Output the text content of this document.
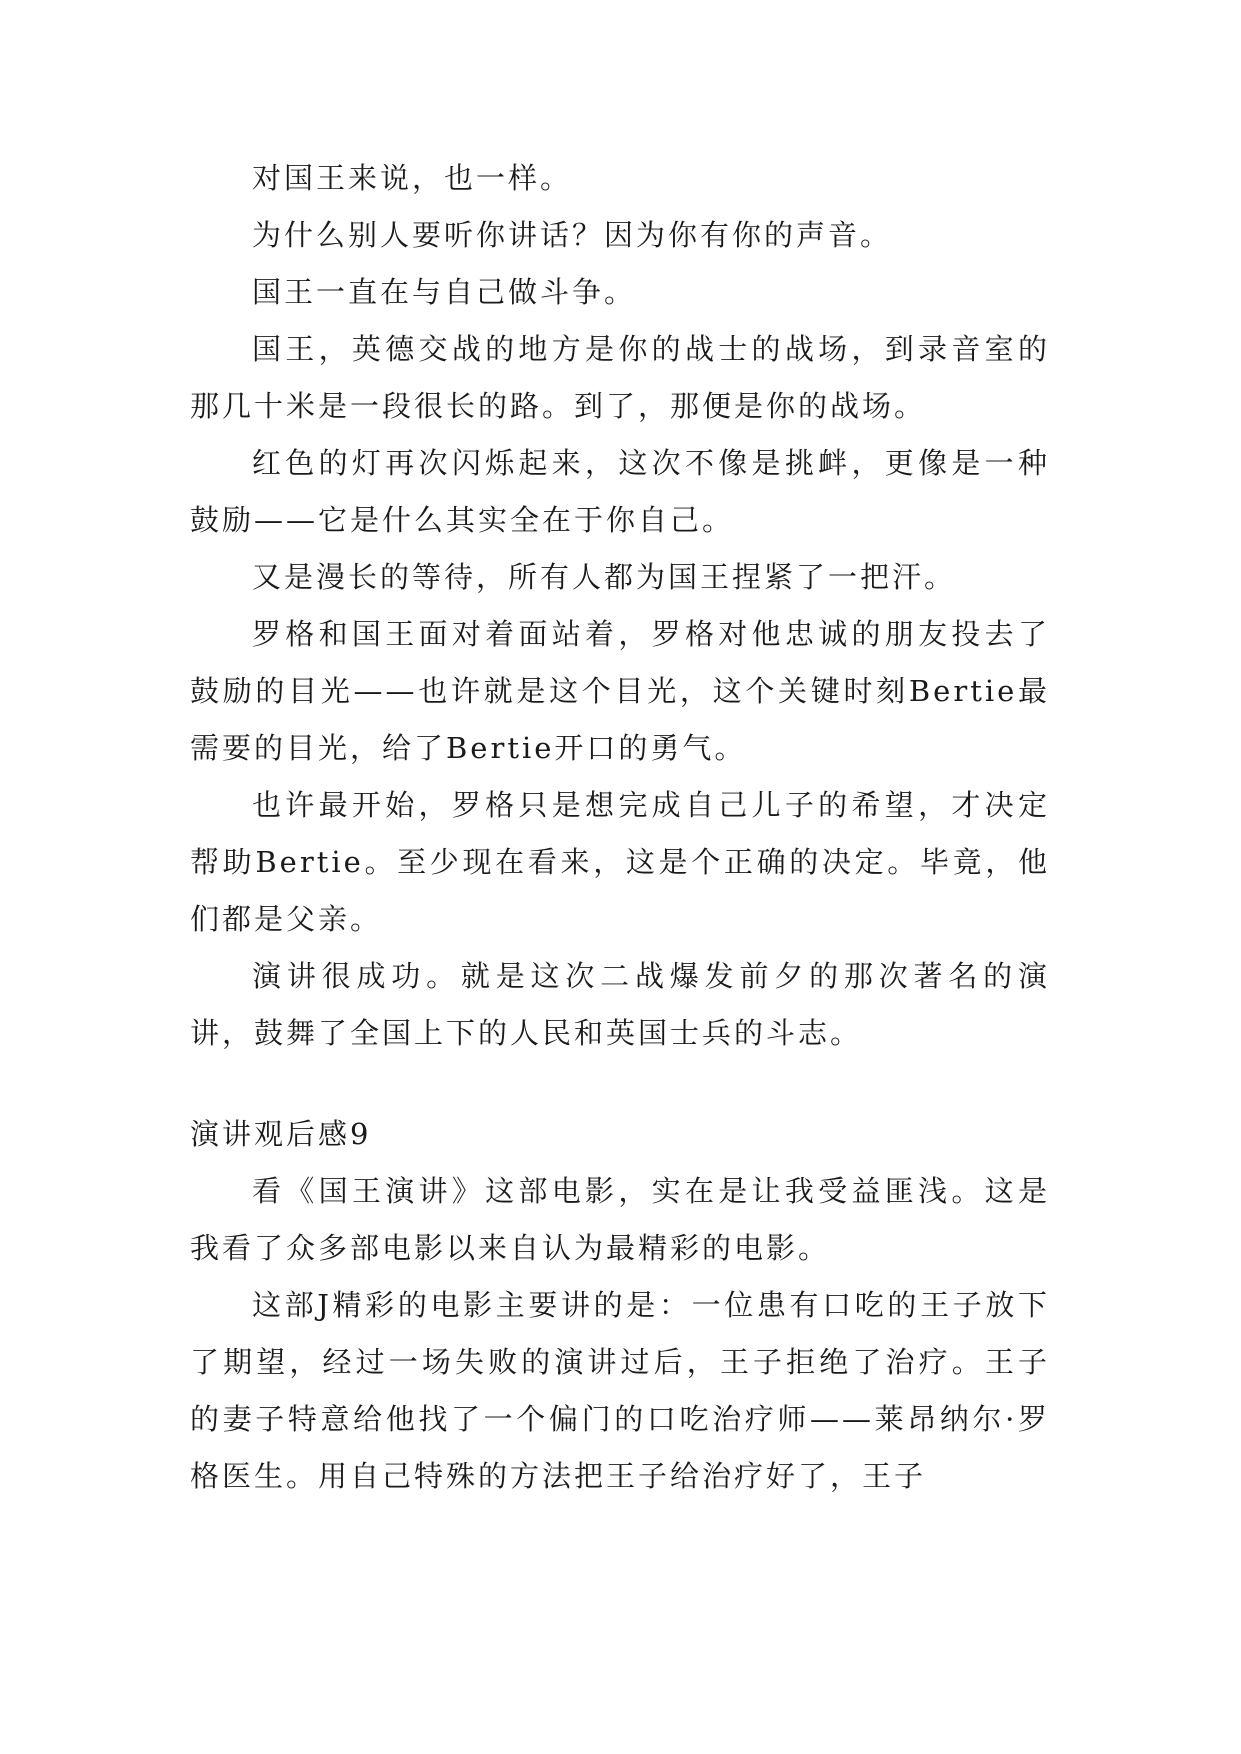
对国王来说，也一样。

为什么别人要听你讲话？因为你有你的声音。

国王一直在与自己做斗争。

国王，英德交战的地方是你的战士的战场，到录音室的那几十米是一段很长的路。到了，那便是你的战场。

红色的灯再次闪烁起来，这次不像是挑衅，更像是一种鼓励——它是什么其实全在于你自己。

又是漫长的等待，所有人都为国王捏紧了一把汗。

罗格和国王面对着面站着，罗格对他忠诚的朋友投去了鼓励的目光——也许就是这个目光，这个关键时刻Bertie最需要的目光，给了Bertie开口的勇气。

也许最开始，罗格只是想完成自己儿子的希望，才决定帮助Bertie。至少现在看来，这是个正确的决定。毕竟，他们都是父亲。

演讲很成功。就是这次二战爆发前夕的那次著名的演讲，鼓舞了全国上下的人民和英国士兵的斗志。

演讲观后感9

看《国王演讲》这部电影，实在是让我受益匪浅。这是我看了众多部电影以来自认为最精彩的电影。

这部J精彩的电影主要讲的是：一位患有口吃的王子放下了期望，经过一场失败的演讲过后，王子拒绝了治疗。王子的妻子特意给他找了一个偏门的口吃治疗师——莱昂纳尔·罗格医生。用自己特殊的方法把王子给治疗好了，王子
